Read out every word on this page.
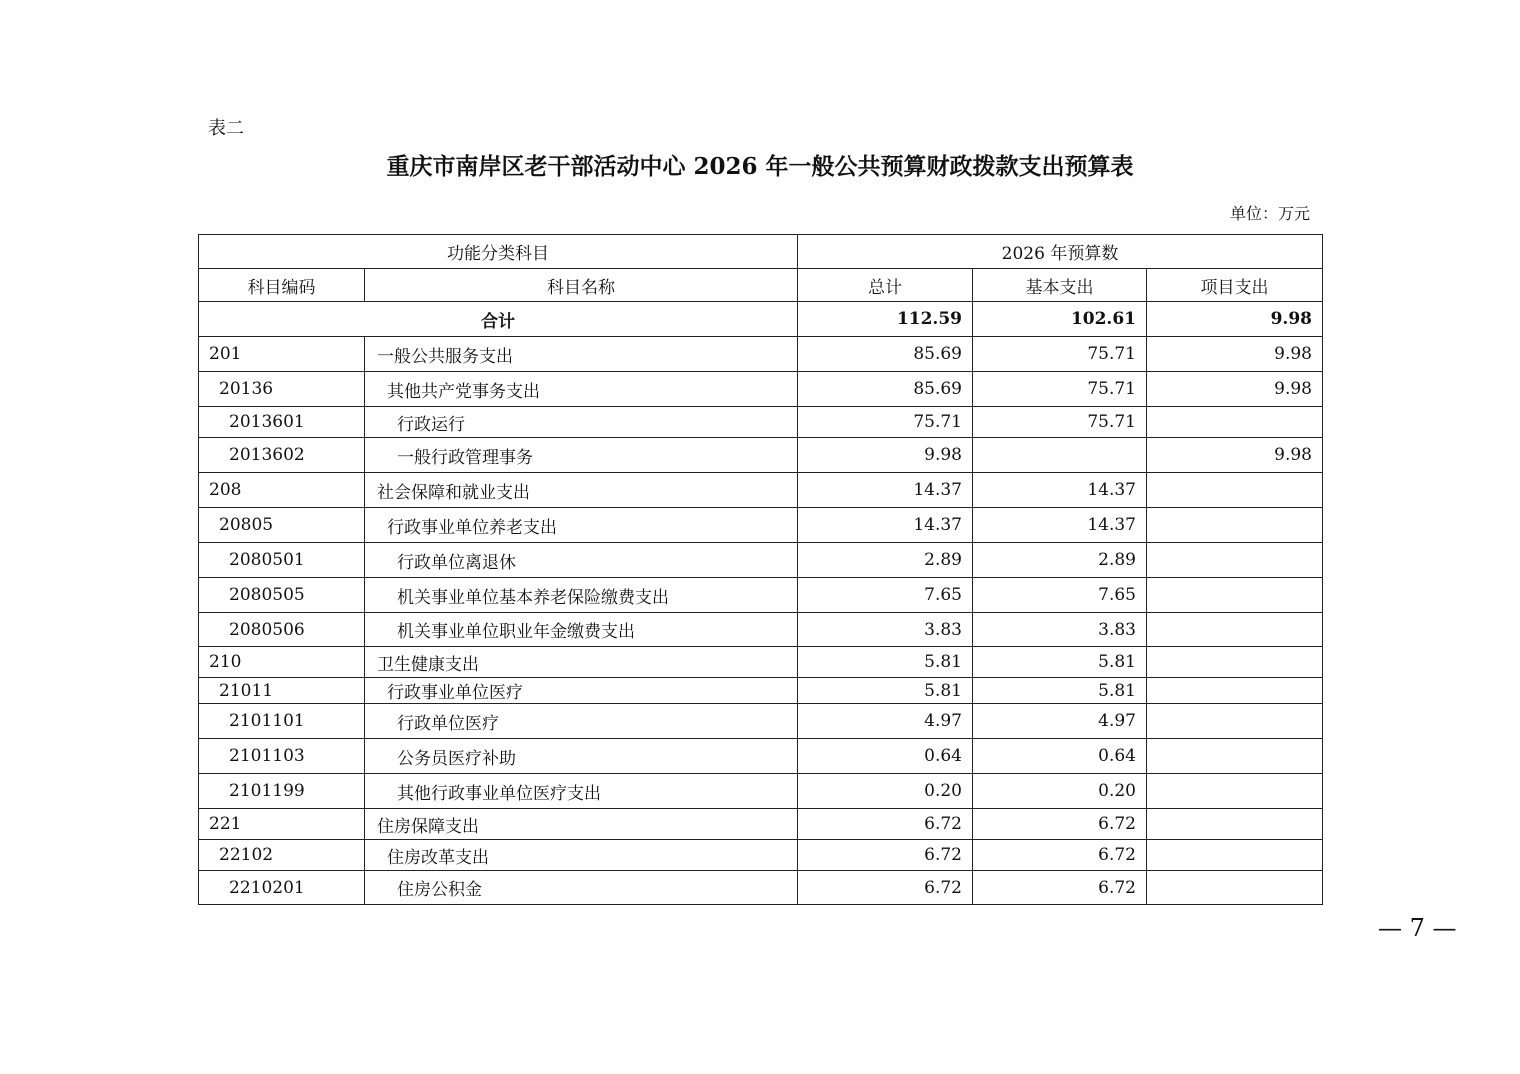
表二
重庆市南岸区老干部活动中心 2026 年一般公共预算财政拨款支出预算表
单位：万元
功能分类科目		2026 年预算数		
科目编码	科目名称	总计	基本支出	项目支出
合计		112.59	102.61	9.98
201	一般公共服务支出	85.69	75.71	9.98
20136	其他共产党事务支出	85.69	75.71	9.98
2013601	行政运行	75.71	75.71	
2013602	一般行政管理事务	9.98		9.98
208	社会保障和就业支出	14.37	14.37	
20805	行政事业单位养老支出	14.37	14.37	
2080501	行政单位离退休	2.89	2.89	
2080505	机关事业单位基本养老保险缴费支出	7.65	7.65	
2080506	机关事业单位职业年金缴费支出	3.83	3.83	
210	卫生健康支出	5.81	5.81	
21011	行政事业单位医疗	5.81	5.81	
2101101	行政单位医疗	4.97	4.97	
2101103	公务员医疗补助	0.64	0.64	
2101199	其他行政事业单位医疗支出	0.20	0.20	
221	住房保障支出	6.72	6.72	
22102	住房改革支出	6.72	6.72	
2210201	住房公积金	6.72	6.72	
— 7 —
